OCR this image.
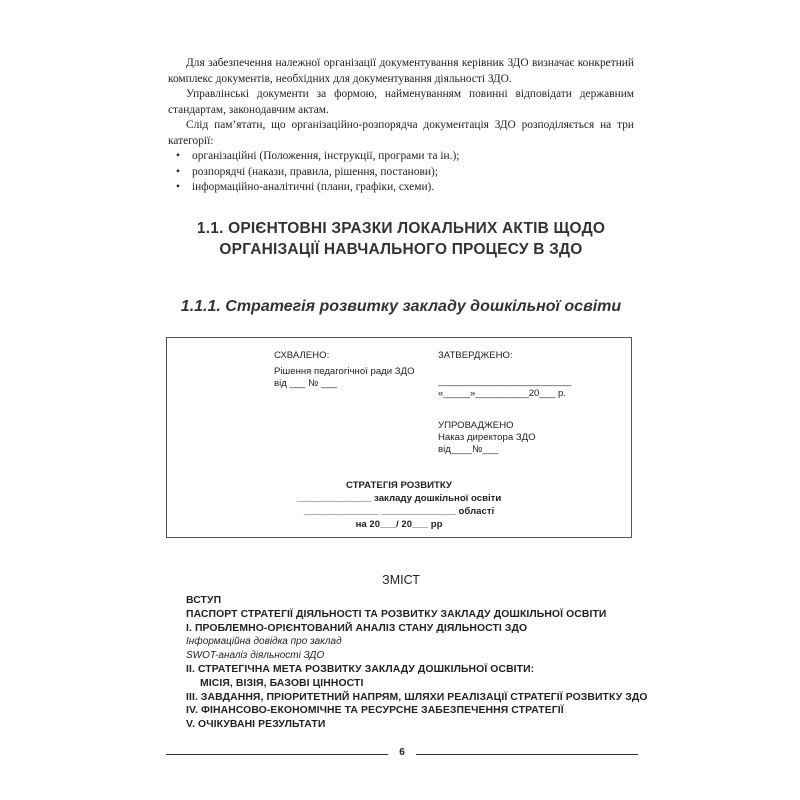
Для забезпечення належної організації документування керівник ЗДО визначає конкретний комплекс документів, необхідних для документування діяльності ЗДО.

Управлінські документи за формою, найменуванням повинні відповідати державним стандартам, законодавчим актам.

Слід пам’ятати, що організаційно-розпорядча документація ЗДО розподіляється на три категорії:

• організаційні (Положення, інструкції, програми та ін.);
• розпорядчі (накази, правила, рішення, постанови);
• інформаційно-аналітичні (плани, графіки, схеми).
1.1. ОРІЄНТОВНІ ЗРАЗКИ ЛОКАЛЬНИХ АКТІВ ЩОДО
ОРГАНІЗАЦІЇ НАВЧАЛЬНОГО ПРОЦЕСУ В ЗДО
1.1.1. Стратегія розвитку закладу дошкільної освіти
СХВАЛЕНО:
Рішення педагогічної ради ЗДО
від ___ № ___
ЗАТВЕРДЖЕНО:
_________________________
«_____»__________20___ р.
УПРОВАДЖЕНО
Наказ директора ЗДО
від____№___
СТРАТЕГІЯ РОЗВИТКУ
______________ закладу дошкільної освіти
______________ ______________ області
на 20___/ 20___ рр
ЗМІСТ
ВСТУП
ПАСПОРТ СТРАТЕГІЇ ДІЯЛЬНОСТІ ТА РОЗВИТКУ ЗАКЛАДУ ДОШКІЛЬНОЇ ОСВІТИ
І. ПРОБЛЕМНО-ОРІЄНТОВАНИЙ АНАЛІЗ СТАНУ ДІЯЛЬНОСТІ ЗДО
Інформаційна довідка про заклад
SWOT-аналіз діяльності ЗДО
ІІ. СТРАТЕГІЧНА МЕТА РОЗВИТКУ ЗАКЛАДУ ДОШКІЛЬНОЇ ОСВІТИ:
МІСІЯ, ВІЗІЯ, БАЗОВІ ЦІННОСТІ
ІІІ. ЗАВДАННЯ, ПРІОРИТЕТНИЙ НАПРЯМ, ШЛЯХИ РЕАЛІЗАЦІЇ СТРАТЕГІЇ РОЗВИТКУ ЗДО
IV. ФІНАНСОВО-ЕКОНОМІЧНЕ ТА РЕСУРСНЕ ЗАБЕЗПЕЧЕННЯ СТРАТЕГІЇ
V. ОЧІКУВАНІ РЕЗУЛЬТАТИ
6
